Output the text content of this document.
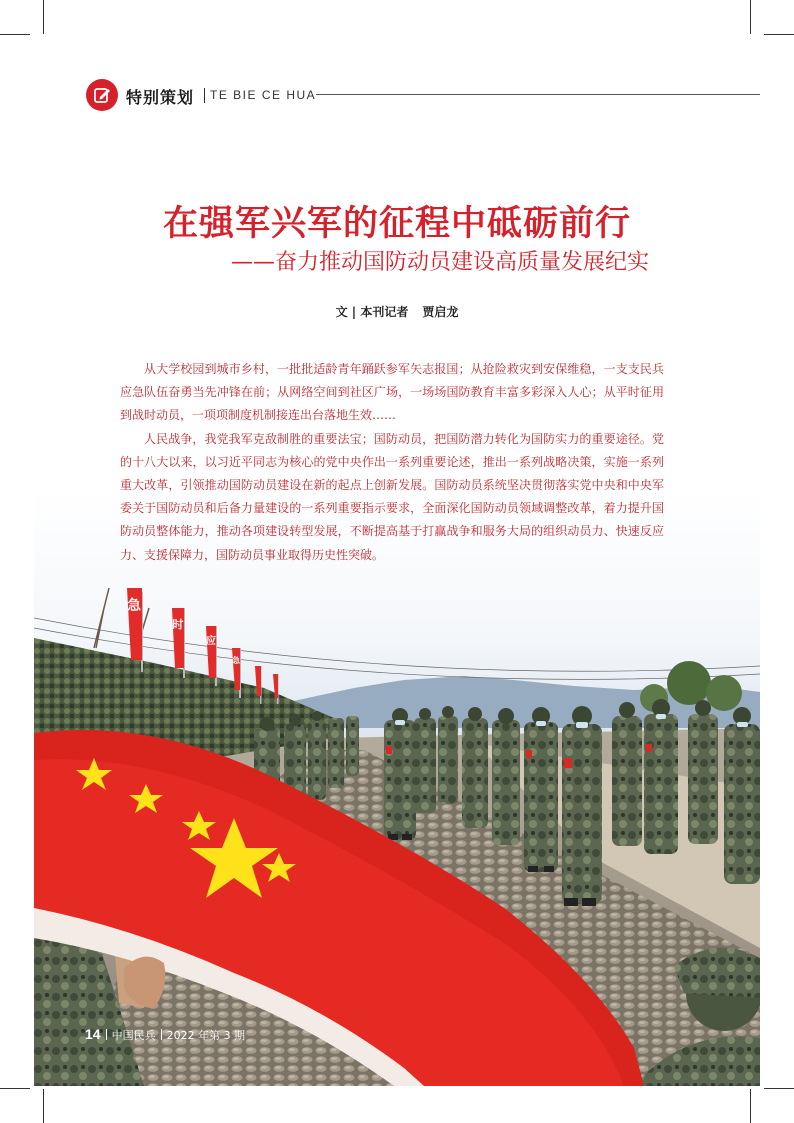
特别策划 TE BIE CE HUA
在强军兴军的征程中砥砺前行
——奋力推动国防动员建设高质量发展纪实
文 | 本刊记者 贾启龙
急
时
应
急

从大学校园到城市乡村，一批批适龄青年踊跃参军矢志报国；从抢险救灾到安保维稳，一支支民兵应急队伍奋勇当先冲锋在前；从网络空间到社区广场，一场场国防教育丰富多彩深入人心；从平时征用到战时动员，一项项制度机制接连出台落地生效……

人民战争，我党我军克敌制胜的重要法宝；国防动员，把国防潜力转化为国防实力的重要途径。党的十八大以来，以习近平同志为核心的党中央作出一系列重要论述，推出一系列战略决策，实施一系列重大改革，引领推动国防动员建设在新的起点上创新发展。国防动员系统坚决贯彻落实党中央和中央军委关于国防动员和后备力量建设的一系列重要指示要求，全面深化国防动员领域调整改革，着力提升国防动员整体能力，推动各项建设转型发展，不断提高基于打赢战争和服务大局的组织动员力、快速反应力、支援保障力，国防动员事业取得历史性突破。

14 中国民兵 2022 年第 3 期
